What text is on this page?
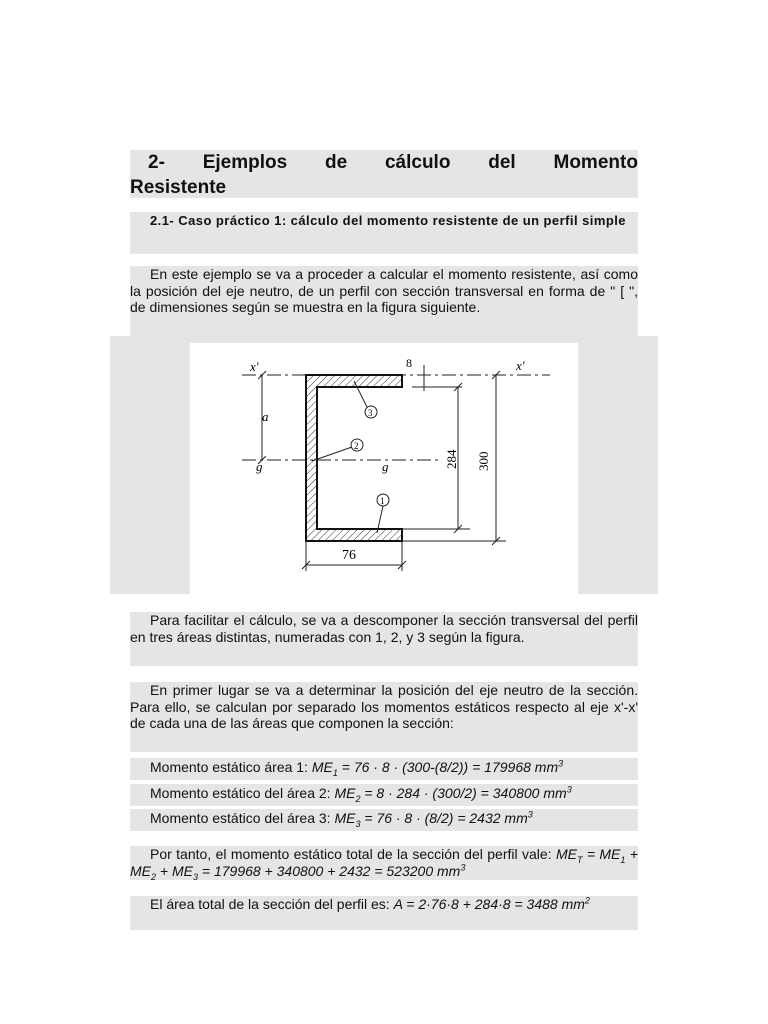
2- Ejemplos de cálculo del Momento
Resistente
2.1- Caso práctico 1: cálculo del momento resistente de un perfil simple
En este ejemplo se va a proceder a calcular el momento resistente, así como la posición del eje neutro, de un perfil con sección transversal en forma de " [ ", de dimensiones según se muestra en la figura siguiente.
x'	x'
8
a
g	g	284 300
76
1
2
3
Para facilitar el cálculo, se va a descomponer la sección transversal del perfil en tres áreas distintas, numeradas con 1, 2, y 3 según la figura.
En primer lugar se va a determinar la posición del eje neutro de la sección. Para ello, se calculan por separado los momentos estáticos respecto al eje x'-x' de cada una de las áreas que componen la sección:
Momento estático área 1: $ME_1 = 76 \cdot 8 \cdot (300-(8/2)) = 179968$ $mm^3$
Momento estático del área 2: $ME_2 = 8 \cdot 284 \cdot (300/2) = 340800$ $mm^3$
Momento estático del área 3: $ME_3 = 76 \cdot 8 \cdot (8/2) = 2432$ $mm^3$
Por tanto, el momento estático total de la sección del perfil vale: $ME_T = ME_1 + ME_2 + ME_3 = 179968 + 340800 + 2432 = 523200$ $mm^3$
El área total de la sección del perfil es: A = 2·76·8 + 284·8 = 3488 $mm^2$
